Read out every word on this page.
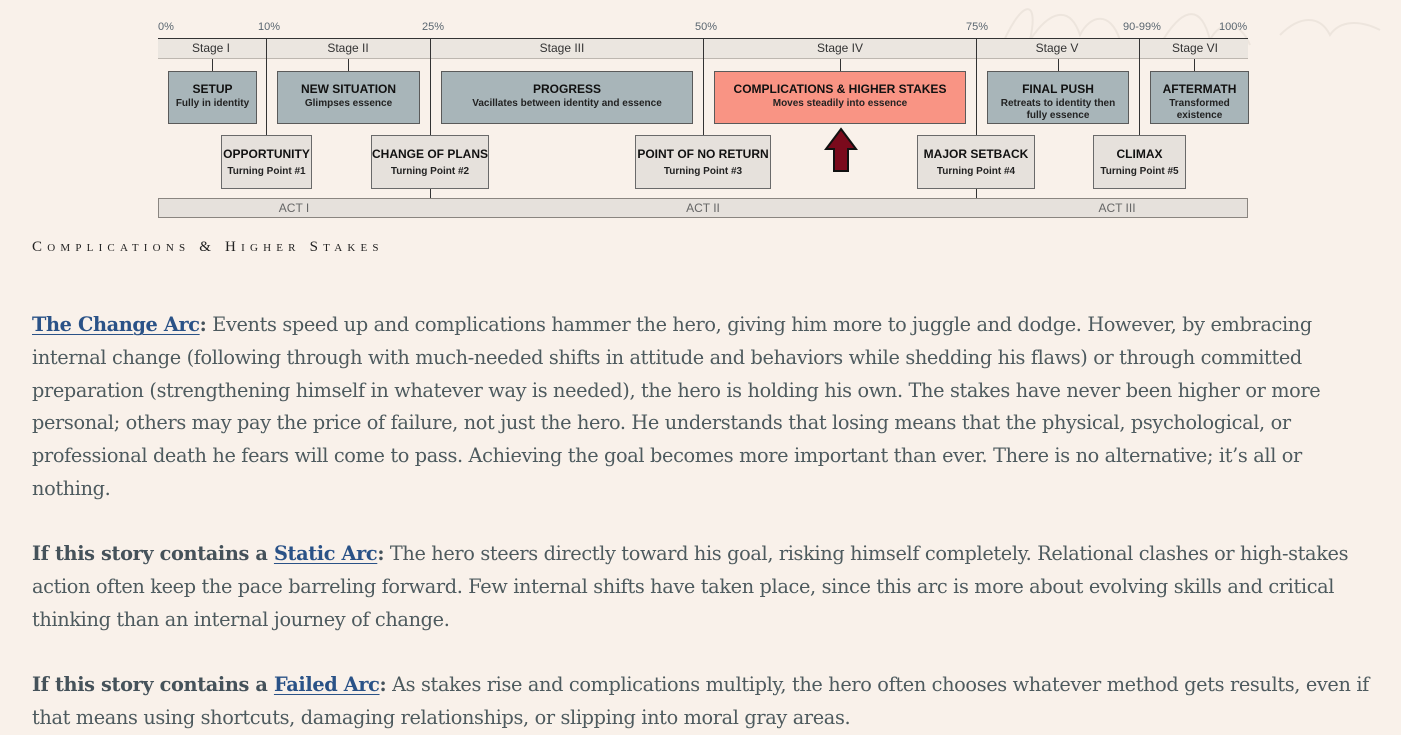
0%	10%	25%	50%	75%	90-99%	100%
Stage I	Stage II	Stage III	Stage IV	Stage V	Stage VI
SETUP
Fully in identity
NEW SITUATION
Glimpses essence
PROGRESS
Vacillates between identity and essence
COMPLICATIONS & HIGHER STAKES
Moves steadily into essence
FINAL PUSH
Retreats to identity then fully essence
AFTERMATH
Transformed existence
OPPORTUNITY
Turning Point #1
CHANGE OF PLANS
Turning Point #2
POINT OF NO RETURN
Turning Point #3
MAJOR SETBACK
Turning Point #4
CLIMAX
Turning Point #5
ACT I	ACT II	ACT III
Complications & Higher Stakes

The Change Arc: Events speed up and complications hammer the hero, giving him more to juggle and dodge. However, by embracing internal change (following through with much-needed shifts in attitude and behaviors while shedding his flaws) or through committed preparation (strengthening himself in whatever way is needed), the hero is holding his own. The stakes have never been higher or more personal; others may pay the price of failure, not just the hero. He understands that losing means that the physical, psychological, or professional death he fears will come to pass. Achieving the goal becomes more important than ever. There is no alternative; it’s all or nothing.

If this story contains a Static Arc: The hero steers directly toward his goal, risking himself completely. Relational clashes or high-stakes action often keep the pace barreling forward. Few internal shifts have taken place, since this arc is more about evolving skills and critical thinking than an internal journey of change.

If this story contains a Failed Arc: As stakes rise and complications multiply, the hero often chooses whatever method gets results, even if that means using shortcuts, damaging relationships, or slipping into moral gray areas.
